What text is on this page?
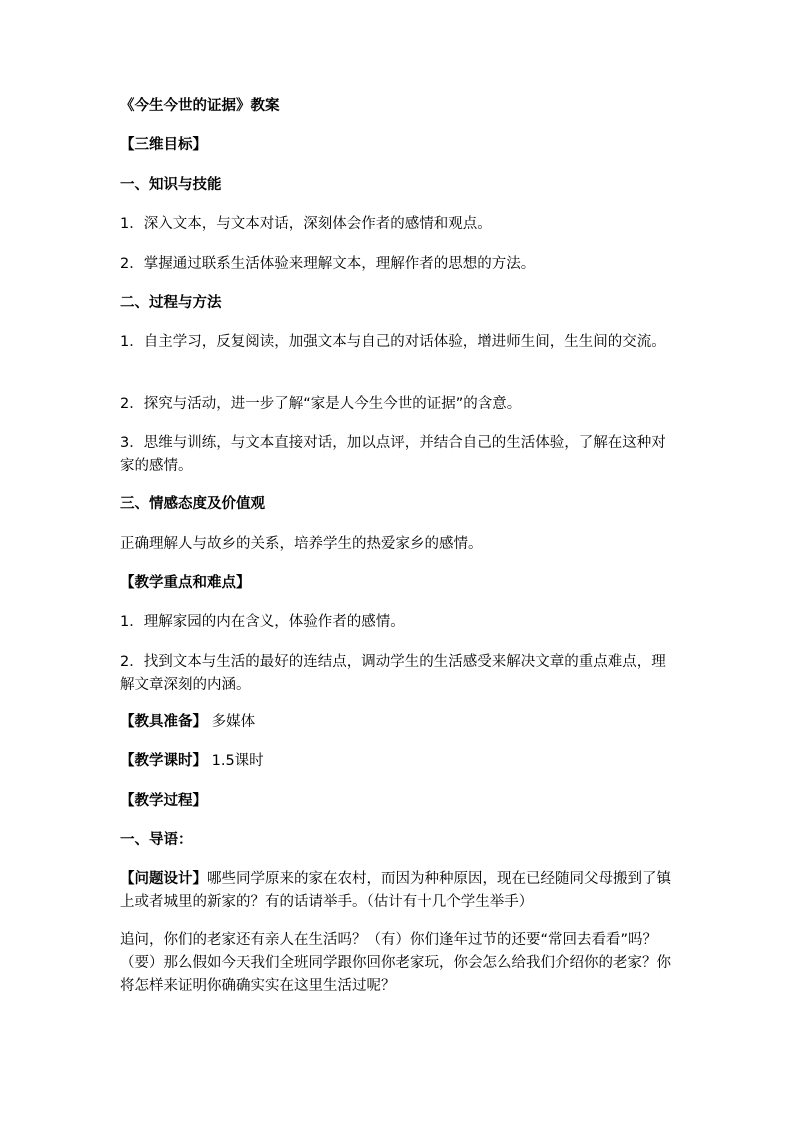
《今生今世的证据》教案

【三维目标】

一、知识与技能

1．深入文本，与文本对话，深刻体会作者的感情和观点。

2．掌握通过联系生活体验来理解文本，理解作者的思想的方法。

二、过程与方法

1．自主学习，反复阅读，加强文本与自己的对话体验，增进师生间，生生间的交流。

2．探究与活动，进一步了解“家是人今生今世的证据”的含意。

3．思维与训练，与文本直接对话，加以点评，并结合自己的生活体验，了解在这种对家的感情。

三、情感态度及价值观

正确理解人与故乡的关系，培养学生的热爱家乡的感情。

【教学重点和难点】

1．理解家园的内在含义，体验作者的感情。

2．找到文本与生活的最好的连结点，调动学生的生活感受来解决文章的重点难点，理解文章深刻的内涵。

【教具准备】 多媒体

【教学课时】 1.5课时

【教学过程】

一、导语：

【问题设计】哪些同学原来的家在农村，而因为种种原因，现在已经随同父母搬到了镇上或者城里的新家的？有的话请举手。（估计有十几个学生举手）

追问，你们的老家还有亲人在生活吗？（有）你们逢年过节的还要“常回去看看”吗？（要）那么假如今天我们全班同学跟你回你老家玩，你会怎么给我们介绍你的老家？你将怎样来证明你确确实实在这里生活过呢？
